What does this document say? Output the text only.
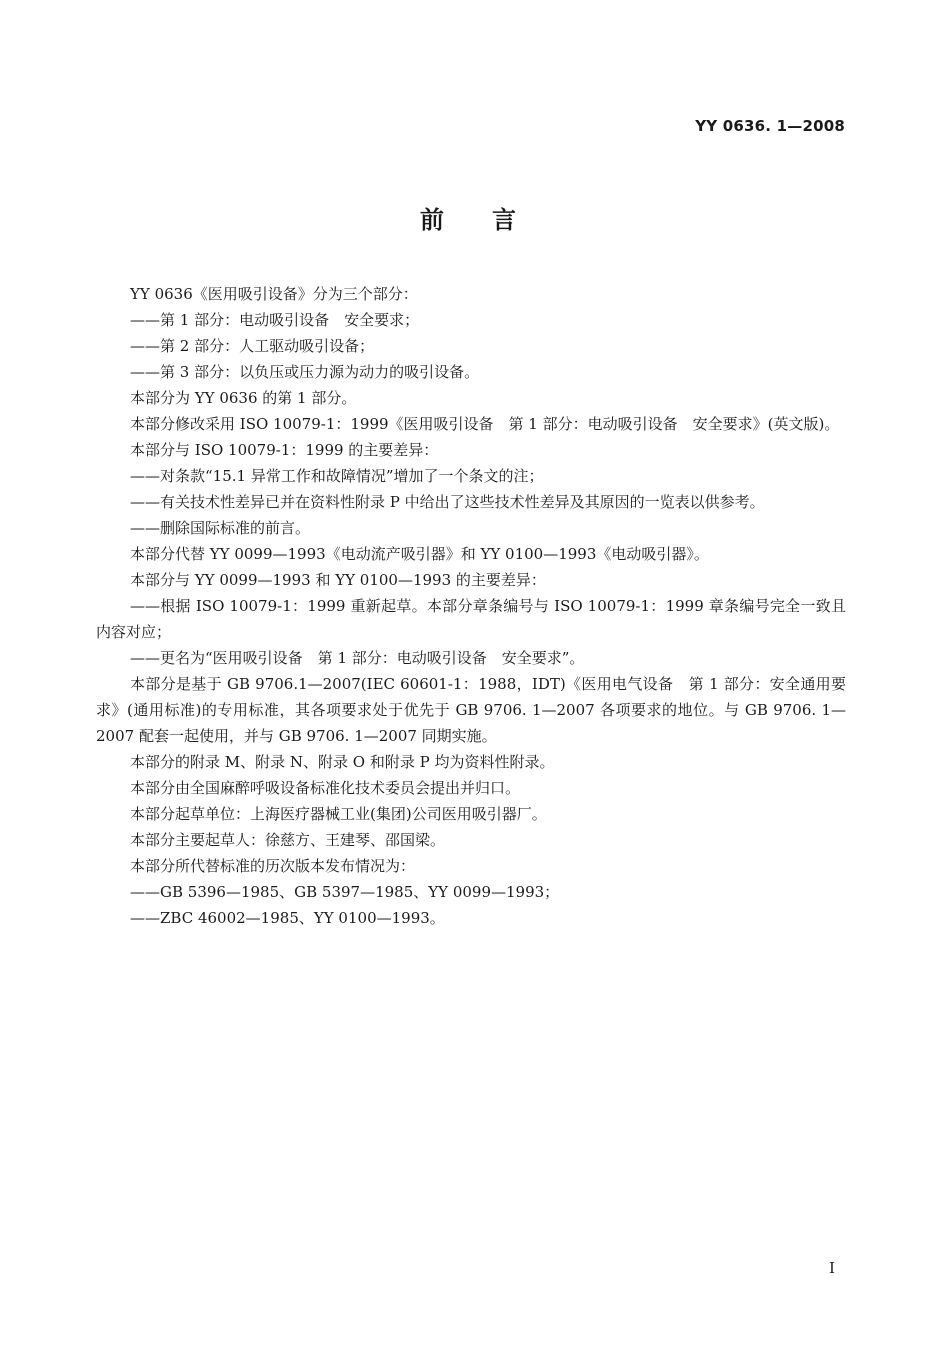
YY 0636. 1—2008
前言

YY 0636《医用吸引设备》分为三个部分：

——第 1 部分：电动吸引设备　安全要求；

——第 2 部分：人工驱动吸引设备；

——第 3 部分：以负压或压力源为动力的吸引设备。

本部分为 YY 0636 的第 1 部分。

本部分修改采用 ISO 10079-1：1999《医用吸引设备　第 1 部分：电动吸引设备　安全要求》(英文版)。

本部分与 ISO 10079-1：1999 的主要差异：

——对条款“15.1 异常工作和故障情况”增加了一个条文的注；

——有关技术性差异已并在资料性附录 P 中给出了这些技术性差异及其原因的一览表以供参考。

——删除国际标准的前言。

本部分代替 YY 0099—1993《电动流产吸引器》和 YY 0100—1993《电动吸引器》。

本部分与 YY 0099—1993 和 YY 0100—1993 的主要差异：

——根据 ISO 10079-1：1999 重新起草。本部分章条编号与 ISO 10079-1：1999 章条编号完全一致且内容对应；

——更名为“医用吸引设备　第 1 部分：电动吸引设备　安全要求”。

本部分是基于 GB 9706.1—2007(IEC 60601-1：1988，IDT)《医用电气设备　第 1 部分：安全通用要求》(通用标准)的专用标准，其各项要求处于优先于 GB 9706. 1—2007 各项要求的地位。与 GB 9706. 1—2007 配套一起使用，并与 GB 9706. 1—2007 同期实施。

本部分的附录 M、附录 N、附录 O 和附录 P 均为资料性附录。

本部分由全国麻醉呼吸设备标准化技术委员会提出并归口。

本部分起草单位：上海医疗器械工业(集团)公司医用吸引器厂。

本部分主要起草人：徐慈方、王建琴、邵国梁。

本部分所代替标准的历次版本发布情况为：

——GB 5396—1985、GB 5397—1985、YY 0099—1993；

——ZBC 46002—1985、YY 0100—1993。

I
